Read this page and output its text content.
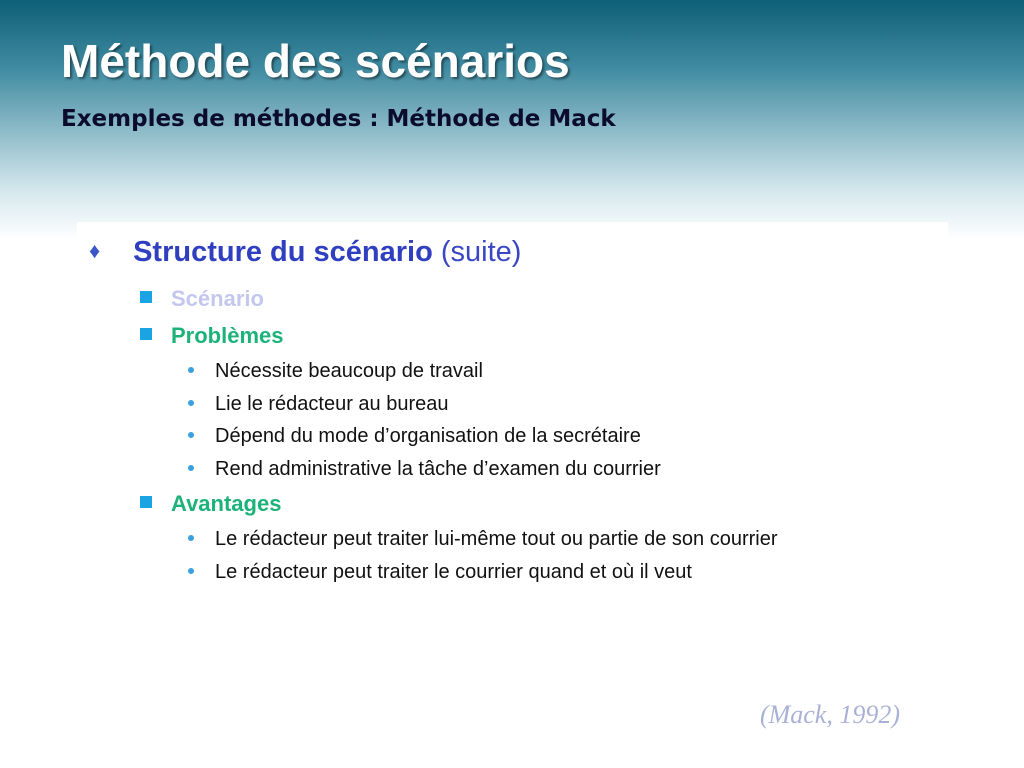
Méthode des scénarios
Exemples de méthodes : Méthode de Mack
♦ Structure du scénario (suite)
Scénario
Problèmes
Nécessite beaucoup de travail
Lie le rédacteur au bureau
Dépend du mode d’organisation de la secrétaire
Rend administrative la tâche d’examen du courrier
Avantages
Le rédacteur peut traiter lui-même tout ou partie de son courrier
Le rédacteur peut traiter le courrier quand et où il veut
(Mack, 1992)
